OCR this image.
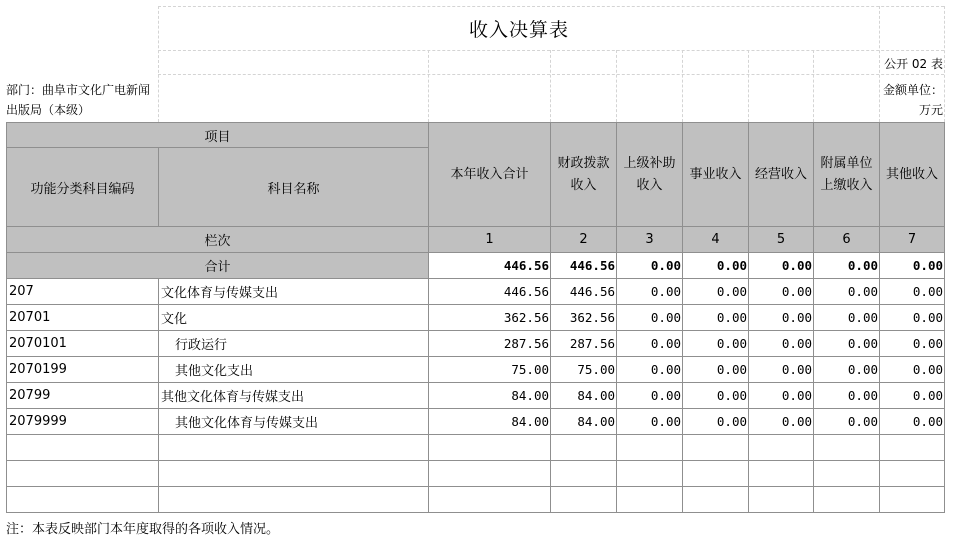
收入决算表
公开 02 表
部门：曲阜市文化广电新闻出版局（本级）
金额单位：
万元
项目		本年收入合计	财政拨款收入	上级补助收入	事业收入	经营收入	附属单位上缴收入	其他收入
功能分类科目编码	科目名称							
栏次		1	2	3	4	5	6	7
合计		446.56	446.56	0.00	0.00	0.00	0.00	0.00
207	文化体育与传媒支出	446.56	446.56	0.00	0.00	0.00	0.00	0.00
20701	文化	362.56	362.56	0.00	0.00	0.00	0.00	0.00
2070101	行政运行	287.56	287.56	0.00	0.00	0.00	0.00	0.00
2070199	其他文化支出	75.00	75.00	0.00	0.00	0.00	0.00	0.00
20799	其他文化体育与传媒支出	84.00	84.00	0.00	0.00	0.00	0.00	0.00
2079999	其他文化体育与传媒支出	84.00	84.00	0.00	0.00	0.00	0.00	0.00

注：本表反映部门本年度取得的各项收入情况。
